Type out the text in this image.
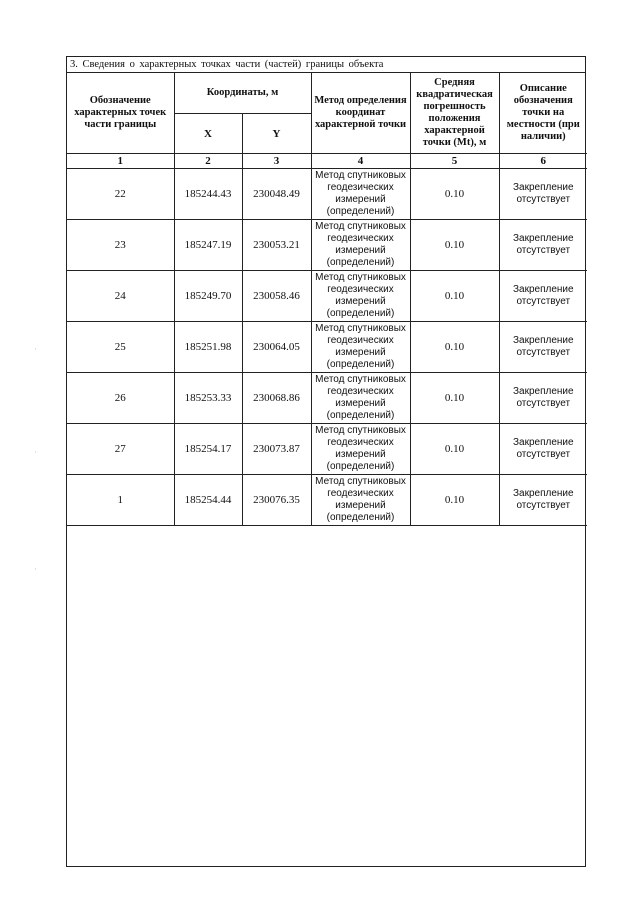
·
·
·
3. Сведения о характерных точках части (частей) границы объекта
Обозначение характерных точек части границы	Координаты, м		Метод определения координат характерной точки	Средняя квадратическая погрешность положения характерной точки (Mt), м	Описание обозначения точки на местности (при наличии)
	X	Y			
1	2	3	4	5	6
22	185244.43	230048.49	Метод спутниковых геодезических измерений (определений)	0.10	Закрепление отсутствует
23	185247.19	230053.21	Метод спутниковых геодезических измерений (определений)	0.10	Закрепление отсутствует
24	185249.70	230058.46	Метод спутниковых геодезических измерений (определений)	0.10	Закрепление отсутствует
25	185251.98	230064.05	Метод спутниковых геодезических измерений (определений)	0.10	Закрепление отсутствует
26	185253.33	230068.86	Метод спутниковых геодезических измерений (определений)	0.10	Закрепление отсутствует
27	185254.17	230073.87	Метод спутниковых геодезических измерений (определений)	0.10	Закрепление отсутствует
1	185254.44	230076.35	Метод спутниковых геодезических измерений (определений)	0.10	Закрепление отсутствует
